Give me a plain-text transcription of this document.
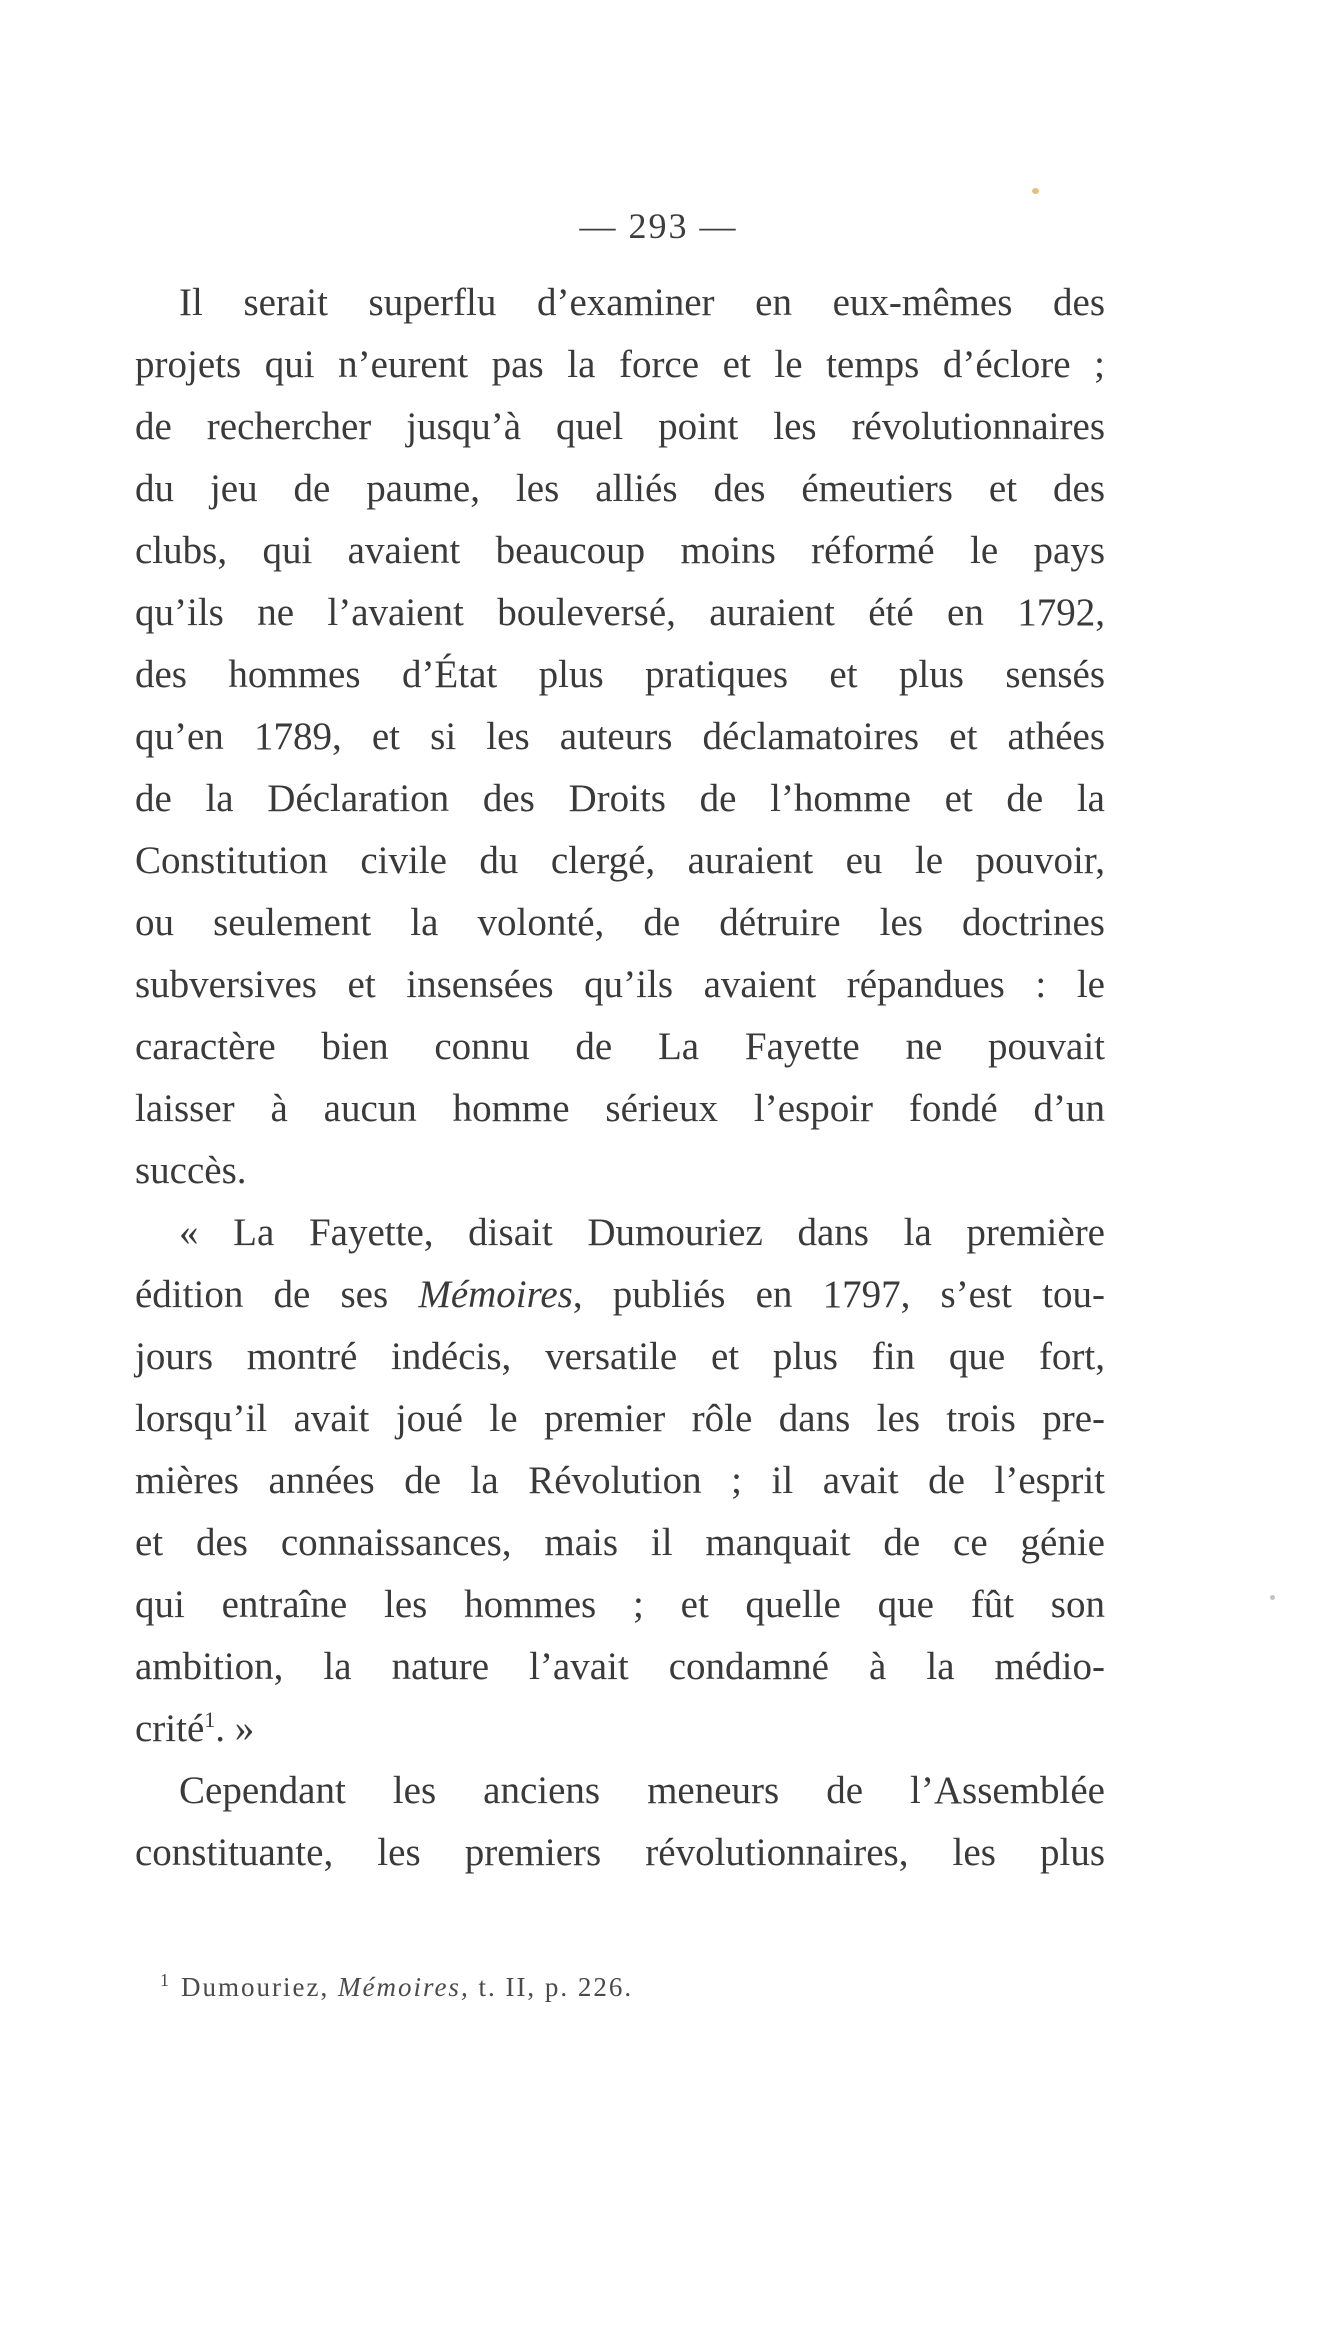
— 293 —
Il serait superflu d’examiner en eux-mêmes des
projets qui n’eurent pas la force et le temps d’éclore ;
de rechercher jusqu’à quel point les révolutionnaires
du jeu de paume, les alliés des émeutiers et des
clubs, qui avaient beaucoup moins réformé le pays
qu’ils ne l’avaient bouleversé, auraient été en 1792,
des hommes d’État plus pratiques et plus sensés
qu’en 1789, et si les auteurs déclamatoires et athées
de la Déclaration des Droits de l’homme et de la
Constitution civile du clergé, auraient eu le pouvoir,
ou seulement la volonté, de détruire les doctrines
subversives et insensées qu’ils avaient répandues : le
caractère bien connu de La Fayette ne pouvait
laisser à aucun homme sérieux l’espoir fondé d’un
succès.
« La Fayette, disait Dumouriez dans la première
édition de ses Mémoires, publiés en 1797, s’est tou-
jours montré indécis, versatile et plus fin que fort,
lorsqu’il avait joué le premier rôle dans les trois pre-
mières années de la Révolution ; il avait de l’esprit
et des connaissances, mais il manquait de ce génie
qui entraîne les hommes ; et quelle que fût son
ambition, la nature l’avait condamné à la médio-
crité$^1$. »
Cependant les anciens meneurs de l’Assemblée
constituante, les premiers révolutionnaires, les plus
$^1$ Dumouriez, Mémoires, t. II, p. 226.
